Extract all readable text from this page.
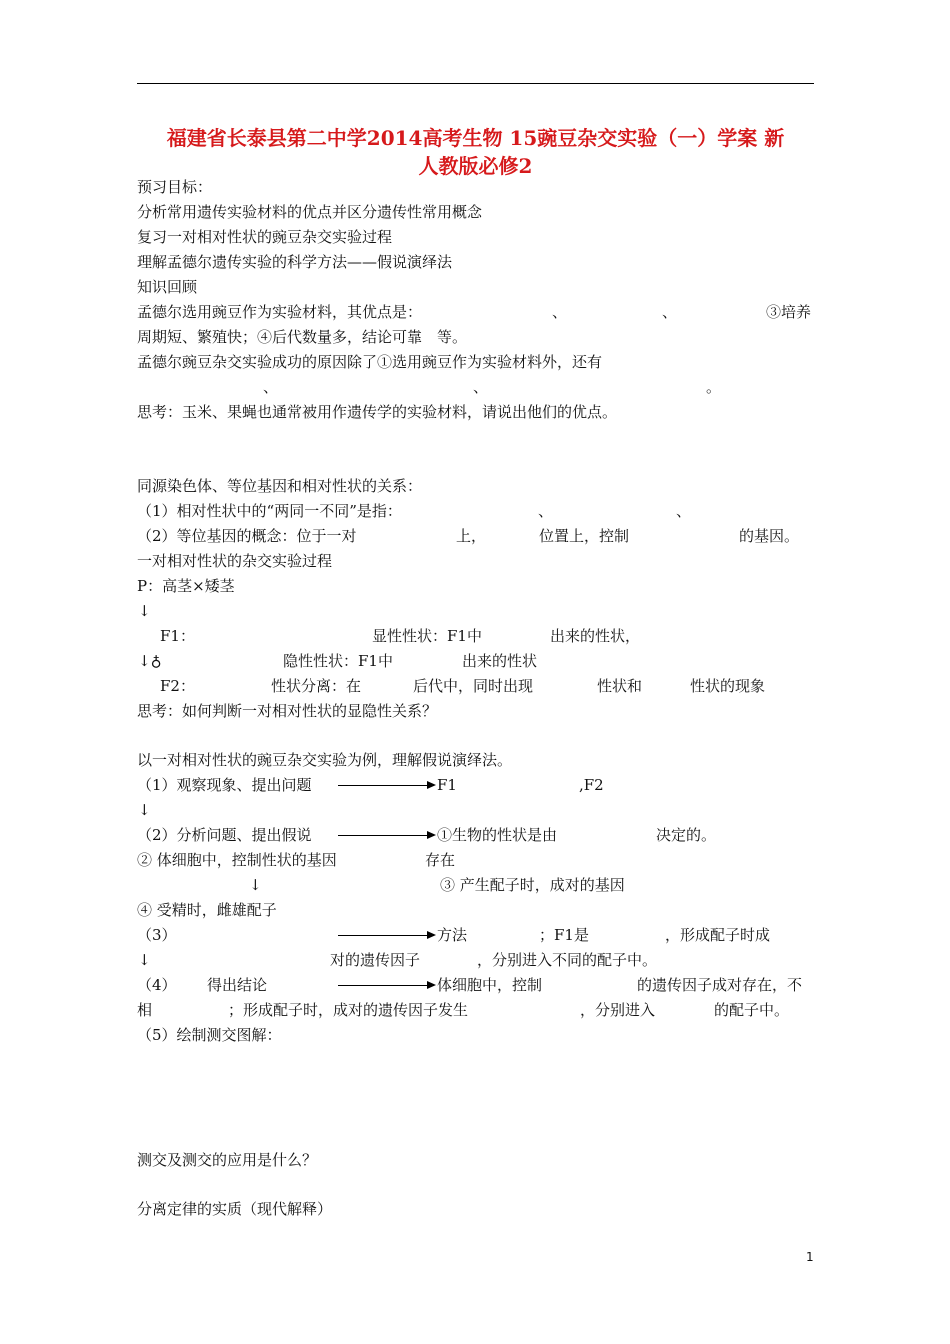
福建省长泰县第二中学2014高考生物 15豌豆杂交实验（一）学案 新
人教版必修2
预习目标：
分析常用遗传实验材料的优点并区分遗传性常用概念
复习一对相对性状的豌豆杂交实验过程
理解孟德尔遗传实验的科学方法——假说演绎法
知识回顾
孟德尔选用豌豆作为实验材料，其优点是：	、	、	③培养
周期短、繁殖快；④后代数量多，结论可靠　等。
孟德尔豌豆杂交实验成功的原因除了①选用豌豆作为实验材料外，还有
、	、	。
思考：玉米、果蝇也通常被用作遗传学的实验材料，请说出他们的优点。
同源染色体、等位基因和相对性状的关系：
（1）相对性状中的“两同一不同”是指：	、	、
（2）等位基因的概念：位于一对	上，	位置上，控制	的基因。
一对相对性状的杂交实验过程
P：高茎×矮茎
↓
F1：	显性性状：F1中	出来的性状，
↓♁	隐性性状：F1中	出来的性状
F2：	性状分离：在	后代中，同时出现	性状和	性状的现象
思考：如何判断一对相对性状的显隐性关系？
以一对相对性状的豌豆杂交实验为例，理解假说演绎法。
（1）观察现象、提出问题	F1	,F2
↓
（2）分析问题、提出假说	①生物的性状是由	决定的。
② 体细胞中，控制性状的基因	存在
↓	③ 产生配子时，成对的基因
④ 受精时，雌雄配子
（3）	方法	；F1是	，形成配子时成
↓	对的遗传因子	，分别进入不同的配子中。
（4） 得出结论	体细胞中，控制	的遗传因子成对存在，不
相	；形成配子时，成对的遗传因子发生	，分别进入	的配子中。
（5）绘制测交图解：
测交及测交的应用是什么？
分离定律的实质（现代解释）
1
